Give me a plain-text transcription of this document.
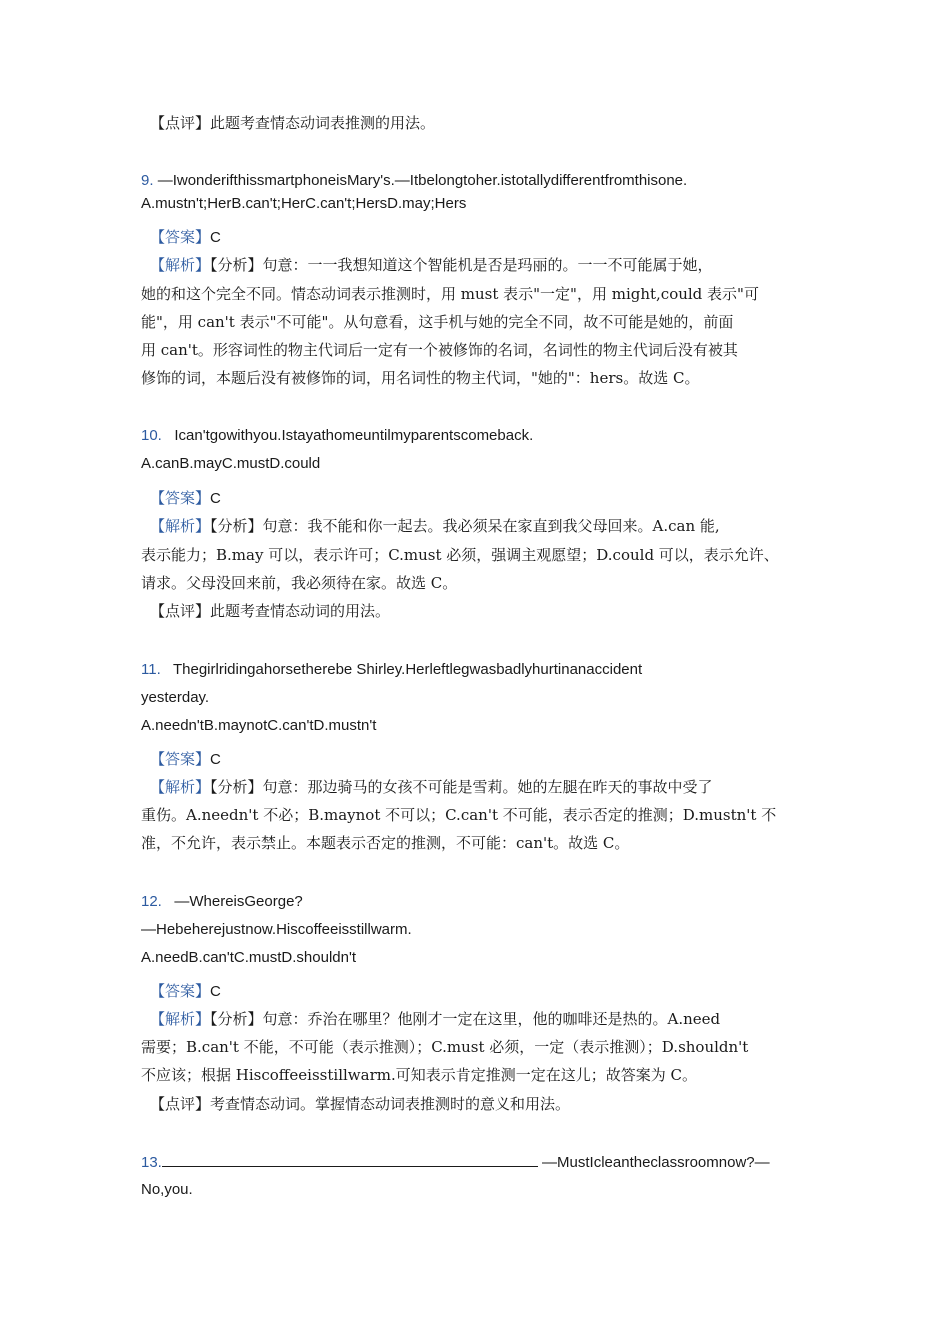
【点评】此题考查情态动词表推测的用法。
9. —IwonderifthissmartphoneisMary's.—Itbelongtoher.istotallydifferentfromthisone.
A.mustn't;HerB.can't;HerC.can't;HersD.may;Hers
【答案】C
【解析】【分析】句意：一一我想知道这个智能机是否是玛丽的。一一不可能属于她，
她的和这个完全不同。情态动词表示推测时，用 must 表示"一定"，用 might,could 表示"可
能"，用 can't 表示"不可能"。从句意看，这手机与她的完全不同，故不可能是她的，前面
用 can't。形容词性的物主代词后一定有一个被修饰的名词，名词性的物主代词后没有被其
修饰的词，本题后没有被修饰的词，用名词性的物主代词，"她的"：hers。故选 C。
10. Ican'tgowithyou.Istayathomeuntilmyparentscomeback.
A.canB.mayC.mustD.could
【答案】C
【解析】【分析】句意：我不能和你一起去。我必须呆在家直到我父母回来。A.can 能,
表示能力；B.may 可以，表示许可；C.must 必须，强调主观愿望；D.could 可以，表示允许、
请求。父母没回来前，我必须待在家。故选 C。
【点评】此题考查情态动词的用法。
11. Thegirlridingahorsetherebe Shirley.Herleftlegwasbadlyhurtinanaccident
yesterday.
A.needn'tB.maynotC.can'tD.mustn't
【答案】C
【解析】【分析】句意：那边骑马的女孩不可能是雪莉。她的左腿在昨天的事故中受了
重伤。A.needn't 不必；B.maynot 不可以；C.can't 不可能，表示否定的推测；D.mustn't 不
准，不允许，表示禁止。本题表示否定的推测，不可能：can't。故选 C。
12. —WhereisGeorge?
—Hebeherejustnow.Hiscoffeeisstillwarm.
A.needB.can'tC.mustD.shouldn't
【答案】C
【解析】【分析】句意：乔治在哪里？他刚才一定在这里，他的咖啡还是热的。A.need
需要；B.can't 不能，不可能（表示推测）；C.must 必须，一定（表示推测）；D.shouldn't
不应该；根据 Hiscoffeeisstillwarm.可知表示肯定推测一定在这儿；故答案为 C。
【点评】考查情态动词。掌握情态动词表推测时的意义和用法。
13.	—MustIcleantheclassroomnow?—
No,you.
